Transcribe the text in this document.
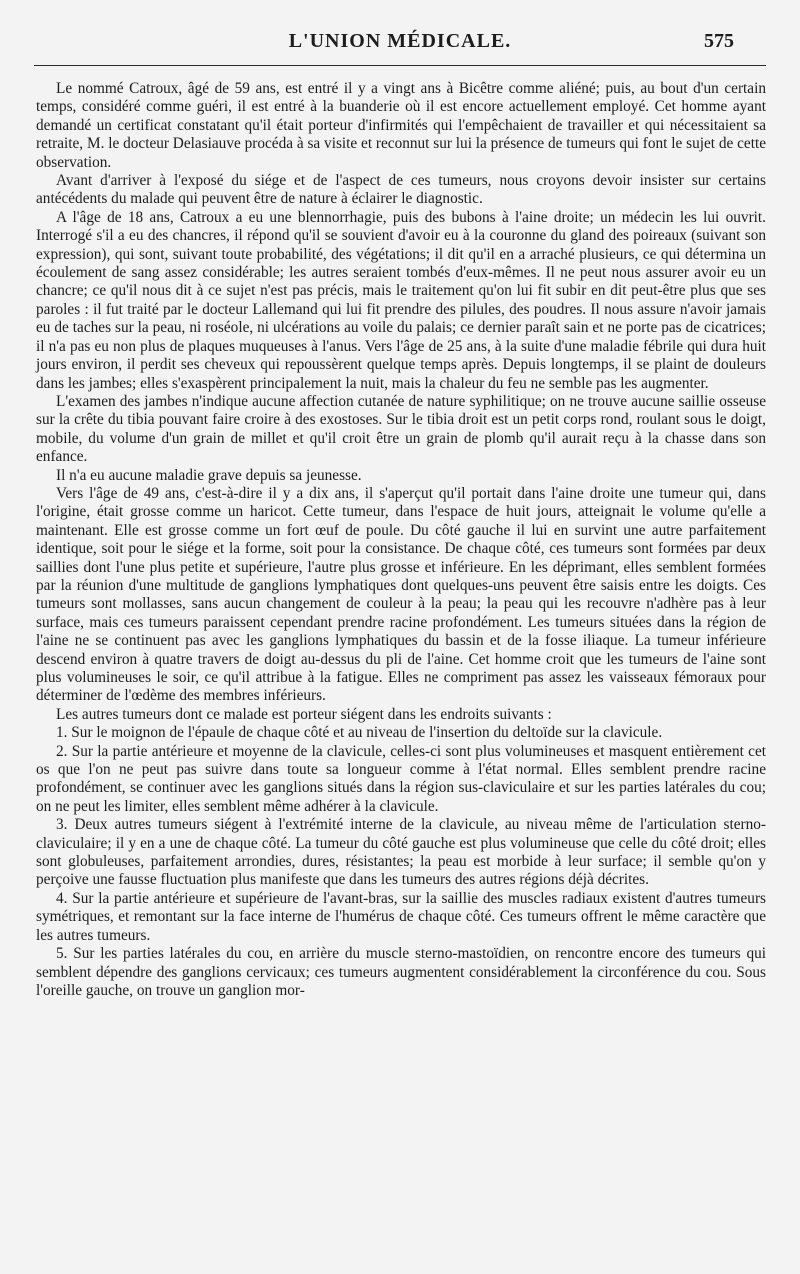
L'UNION MÉDICALE.	575

Le nommé Catroux, âgé de 59 ans, est entré il y a vingt ans à Bicêtre comme aliéné; puis, au bout d'un certain temps, considéré comme guéri, il est entré à la buanderie où il est encore actuellement employé. Cet homme ayant demandé un certificat constatant qu'il était porteur d'infirmités qui l'empêchaient de travailler et qui nécessitaient sa retraite, M. le docteur Delasiauve procéda à sa visite et reconnut sur lui la présence de tumeurs qui font le sujet de cette observation.

Avant d'arriver à l'exposé du siége et de l'aspect de ces tumeurs, nous croyons devoir insister sur certains antécédents du malade qui peuvent être de nature à éclairer le diagnostic.

A l'âge de 18 ans, Catroux a eu une blennorrhagie, puis des bubons à l'aine droite; un médecin les lui ouvrit. Interrogé s'il a eu des chancres, il répond qu'il se souvient d'avoir eu à la couronne du gland des poireaux (suivant son expression), qui sont, suivant toute probabilité, des végétations; il dit qu'il en a arraché plusieurs, ce qui détermina un écoulement de sang assez considérable; les autres seraient tombés d'eux-mêmes. Il ne peut nous assurer avoir eu un chancre; ce qu'il nous dit à ce sujet n'est pas précis, mais le traitement qu'on lui fit subir en dit peut-être plus que ses paroles : il fut traité par le docteur Lallemand qui lui fit prendre des pilules, des poudres. Il nous assure n'avoir jamais eu de taches sur la peau, ni roséole, ni ulcérations au voile du palais; ce dernier paraît sain et ne porte pas de cicatrices; il n'a pas eu non plus de plaques muqueuses à l'anus. Vers l'âge de 25 ans, à la suite d'une maladie fébrile qui dura huit jours environ, il perdit ses cheveux qui repoussèrent quelque temps après. Depuis longtemps, il se plaint de douleurs dans les jambes; elles s'exaspèrent principalement la nuit, mais la chaleur du feu ne semble pas les augmenter.

L'examen des jambes n'indique aucune affection cutanée de nature syphilitique; on ne trouve aucune saillie osseuse sur la crête du tibia pouvant faire croire à des exostoses. Sur le tibia droit est un petit corps rond, roulant sous le doigt, mobile, du volume d'un grain de millet et qu'il croit être un grain de plomb qu'il aurait reçu à la chasse dans son enfance.

Il n'a eu aucune maladie grave depuis sa jeunesse.

Vers l'âge de 49 ans, c'est-à-dire il y a dix ans, il s'aperçut qu'il portait dans l'aine droite une tumeur qui, dans l'origine, était grosse comme un haricot. Cette tumeur, dans l'espace de huit jours, atteignait le volume qu'elle a maintenant. Elle est grosse comme un fort œuf de poule. Du côté gauche il lui en survint une autre parfaitement identique, soit pour le siége et la forme, soit pour la consistance. De chaque côté, ces tumeurs sont formées par deux saillies dont l'une plus petite et supérieure, l'autre plus grosse et inférieure. En les déprimant, elles semblent formées par la réunion d'une multitude de ganglions lymphatiques dont quelques-uns peuvent être saisis entre les doigts. Ces tumeurs sont mollasses, sans aucun changement de couleur à la peau; la peau qui les recouvre n'adhère pas à leur surface, mais ces tumeurs paraissent cependant prendre racine profondément. Les tumeurs situées dans la région de l'aine ne se continuent pas avec les ganglions lymphatiques du bassin et de la fosse iliaque. La tumeur inférieure descend environ à quatre travers de doigt au-dessus du pli de l'aine. Cet homme croit que les tumeurs de l'aine sont plus volumineuses le soir, ce qu'il attribue à la fatigue. Elles ne compriment pas assez les vaisseaux fémoraux pour déterminer de l'œdème des membres inférieurs.

Les autres tumeurs dont ce malade est porteur siégent dans les endroits suivants :

1. Sur le moignon de l'épaule de chaque côté et au niveau de l'insertion du deltoïde sur la clavicule.

2. Sur la partie antérieure et moyenne de la clavicule, celles-ci sont plus volumineuses et masquent entièrement cet os que l'on ne peut pas suivre dans toute sa longueur comme à l'état normal. Elles semblent prendre racine profondément, se continuer avec les ganglions situés dans la région sus-claviculaire et sur les parties latérales du cou; on ne peut les limiter, elles semblent même adhérer à la clavicule.

3. Deux autres tumeurs siégent à l'extrémité interne de la clavicule, au niveau même de l'articulation sterno-claviculaire; il y en a une de chaque côté. La tumeur du côté gauche est plus volumineuse que celle du côté droit; elles sont globuleuses, parfaitement arrondies, dures, résistantes; la peau est morbide à leur surface; il semble qu'on y perçoive une fausse fluctuation plus manifeste que dans les tumeurs des autres régions déjà décrites.

4. Sur la partie antérieure et supérieure de l'avant-bras, sur la saillie des muscles radiaux existent d'autres tumeurs symétriques, et remontant sur la face interne de l'humérus de chaque côté. Ces tumeurs offrent le même caractère que les autres tumeurs.

5. Sur les parties latérales du cou, en arrière du muscle sterno-mastoïdien, on rencontre encore des tumeurs qui semblent dépendre des ganglions cervicaux; ces tumeurs augmentent considérablement la circonférence du cou. Sous l'oreille gauche, on trouve un ganglion mor-
